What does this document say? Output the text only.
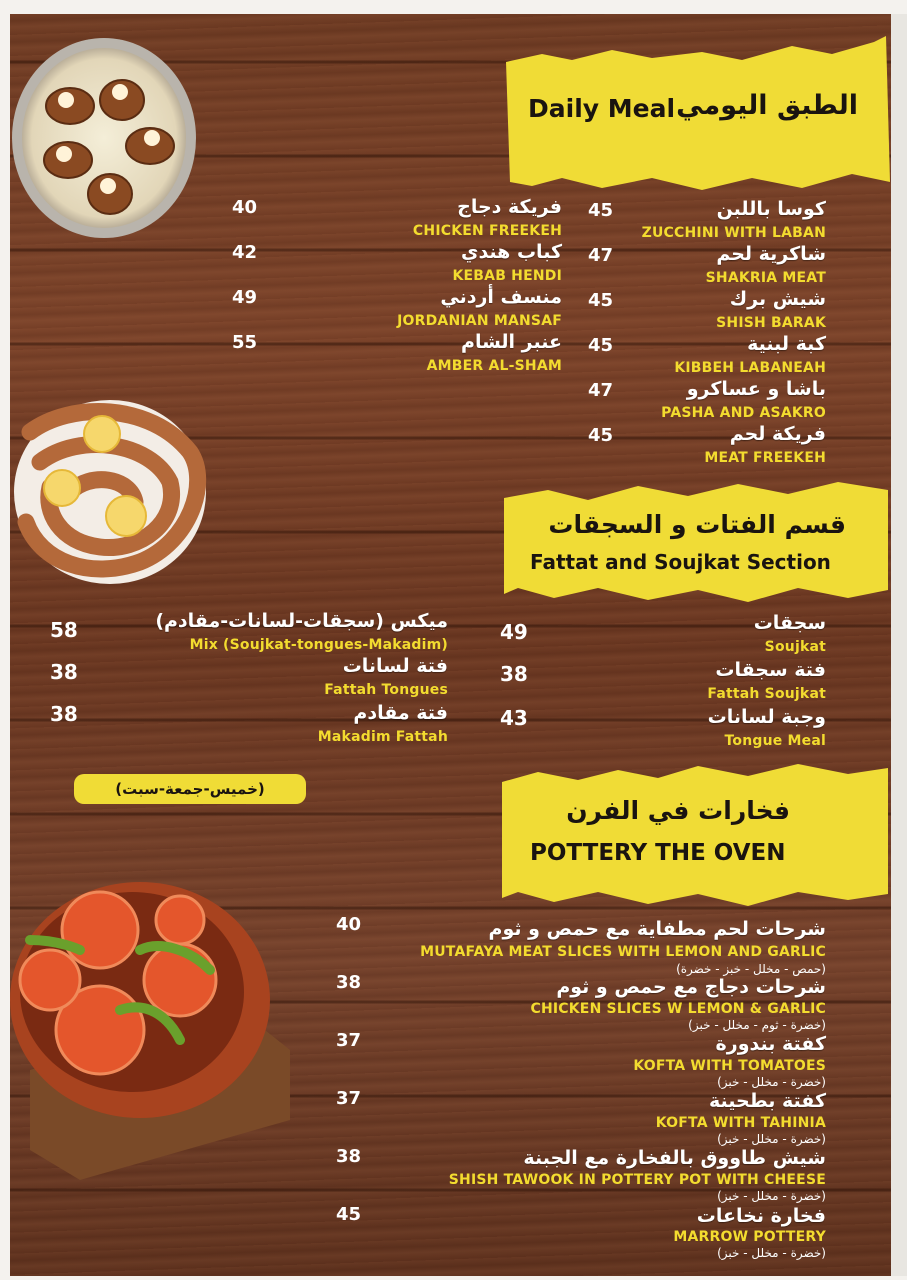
Daily Meal الطبق اليومي
فريكة دجاج
CHICKEN FREEKEH
40
كباب هندي
KEBAB HENDI
42
منسف أردني
JORDANIAN MANSAF
49
عنبر الشام
AMBER AL-SHAM
55
كوسا باللبن
ZUCCHINI WITH LABAN
45
شاكرية لحم
SHAKRIA MEAT
47
شيش برك
SHISH BARAK
45
كبة لبنية
KIBBEH LABANEAH
45
باشا و عساكرو
PASHA AND ASAKRO
47
فريكة لحم
MEAT FREEKEH
45
قسم الفتات و السجقات
Fattat and Soujkat Section
ميكس (سجقات-لسانات-مقادم)
Mix (Soujkat-tongues-Makadim)
58
فتة لسانات
Fattah Tongues
38
فتة مقادم
Makadim Fattah
38
سجقات
Soujkat
49
فتة سجقات
Fattah Soujkat
38
وجبة لسانات
Tongue Meal
43
(خميس-جمعة-سبت)
فخارات في الفرن
POTTERY THE OVEN
شرحات لحم مطفاية مع حمص و ثوم
MUTAFAYA MEAT SLICES WITH LEMON AND GARLIC
(حمص - مخلل - خبز - خضرة)
40
شرحات دجاج مع حمص و ثوم
CHICKEN SLICES W LEMON & GARLIC
(خضرة - ثوم - مخلل - خبز)
38
كفتة بندورة
KOFTA WITH TOMATOES
(خضرة - مخلل - خبز)
37
كفتة بطحينة
KOFTA WITH TAHINIA
(خضرة - مخلل - خبز)
37
شيش طاووق بالفخارة مع الجبنة
SHISH TAWOOK IN POTTERY POT WITH CHEESE
(خضرة - مخلل - خبز)
38
فخارة نخاعات
MARROW POTTERY
(خضرة - مخلل - خبز)
45
